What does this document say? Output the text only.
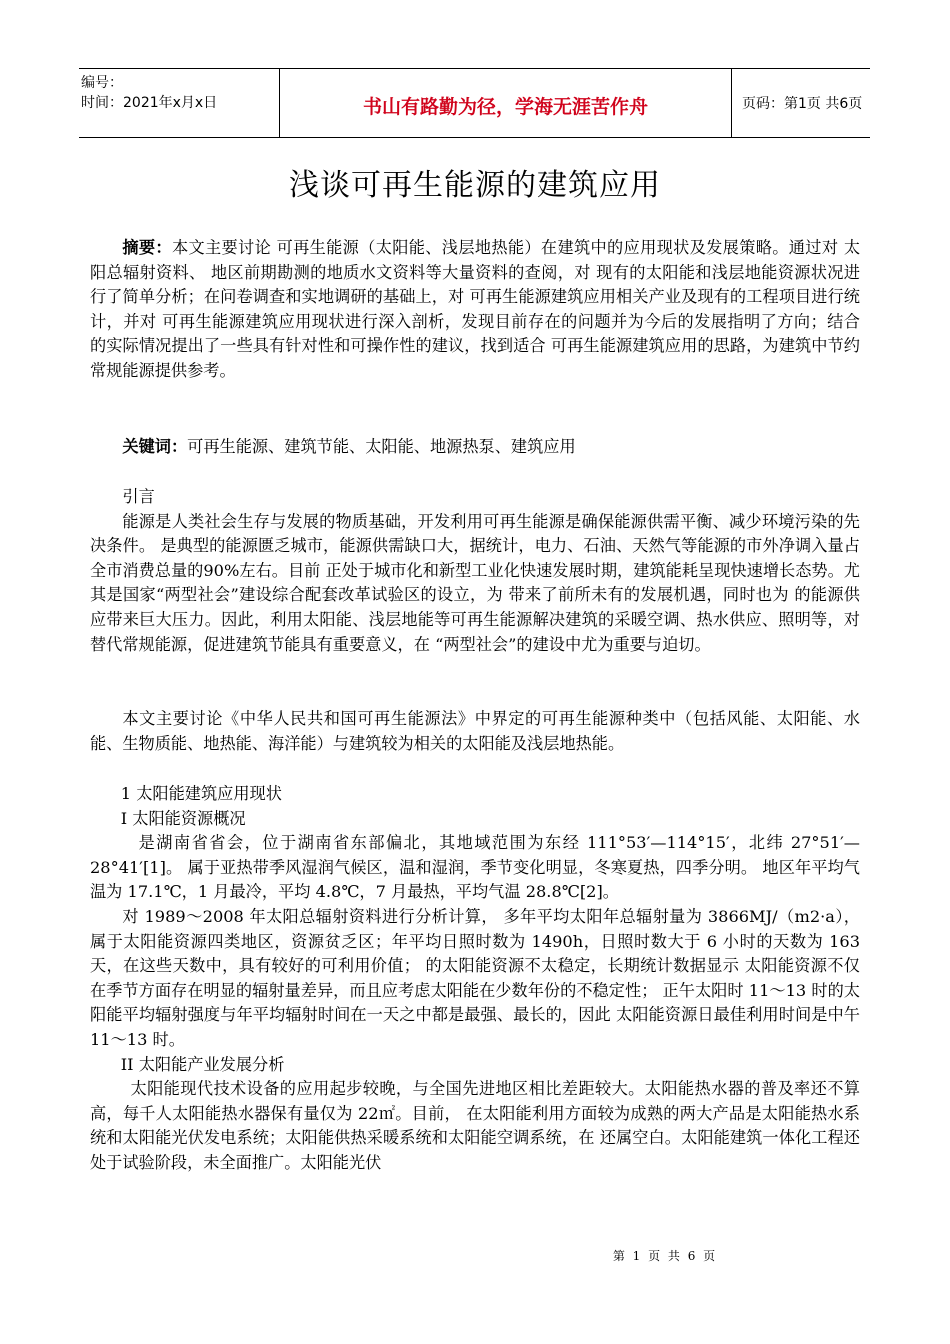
编号：
时间：2021年x月x日	书山有路勤为径，学海无涯苦作舟	页码：第1页 共6页
浅谈可再生能源的建筑应用

摘要：本文主要讨论 可再生能源（太阳能、浅层地热能）在建筑中的应用现状及发展策略。通过对 太阳总辐射资料、 地区前期勘测的地质水文资料等大量资料的查阅，对 现有的太阳能和浅层地能资源状况进行了简单分析；在问卷调查和实地调研的基础上，对 可再生能源建筑应用相关产业及现有的工程项目进行统计，并对 可再生能源建筑应用现状进行深入剖析，发现目前存在的问题并为今后的发展指明了方向；结合 的实际情况提出了一些具有针对性和可操作性的建议，找到适合 可再生能源建筑应用的思路，为建筑中节约常规能源提供参考。

关键词：可再生能源、建筑节能、太阳能、地源热泵、建筑应用

引言

能源是人类社会生存与发展的物质基础，开发利用可再生能源是确保能源供需平衡、减少环境污染的先决条件。 是典型的能源匮乏城市，能源供需缺口大，据统计，电力、石油、天然气等能源的市外净调入量占全市消费总量的90%左右。目前 正处于城市化和新型工业化快速发展时期，建筑能耗呈现快速增长态势。尤其是国家“两型社会”建设综合配套改革试验区的设立，为 带来了前所未有的发展机遇，同时也为 的能源供应带来巨大压力。因此，利用太阳能、浅层地能等可再生能源解决建筑的采暖空调、热水供应、照明等，对替代常规能源，促进建筑节能具有重要意义，在 “两型社会”的建设中尤为重要与迫切。

本文主要讨论《中华人民共和国可再生能源法》中界定的可再生能源种类中（包括风能、太阳能、水能、生物质能、地热能、海洋能）与建筑较为相关的太阳能及浅层地热能。

1 太阳能建筑应用现状

I 太阳能资源概况

是湖南省省会，位于湖南省东部偏北，其地域范围为东经 111°53′—114°15′，北纬 27°51′—28°41′[1]。 属于亚热带季风湿润气候区，温和湿润，季节变化明显，冬寒夏热，四季分明。 地区年平均气温为 17.1℃，1 月最冷，平均 4.8℃，7 月最热，平均气温 28.8℃[2]。

对 1989～2008 年太阳总辐射资料进行分析计算， 多年平均太阳年总辐射量为 3866MJ/（m2·a），属于太阳能资源四类地区，资源贫乏区；年平均日照时数为 1490h，日照时数大于 6 小时的天数为 163 天，在这些天数中，具有较好的可利用价值； 的太阳能资源不太稳定，长期统计数据显示 太阳能资源不仅在季节方面存在明显的辐射量差异，而且应考虑太阳能在少数年份的不稳定性； 正午太阳时 11～13 时的太阳能平均辐射强度与年平均辐射时间在一天之中都是最强、最长的，因此 太阳能资源日最佳利用时间是中午 11～13 时。

II 太阳能产业发展分析

太阳能现代技术设备的应用起步较晚，与全国先进地区相比差距较大。太阳能热水器的普及率还不算高，每千人太阳能热水器保有量仅为 22㎡。目前， 在太阳能利用方面较为成熟的两大产品是太阳能热水系统和太阳能光伏发电系统；太阳能供热采暖系统和太阳能空调系统，在 还属空白。太阳能建筑一体化工程还处于试验阶段，未全面推广。太阳能光伏

第 1 页 共 6 页
